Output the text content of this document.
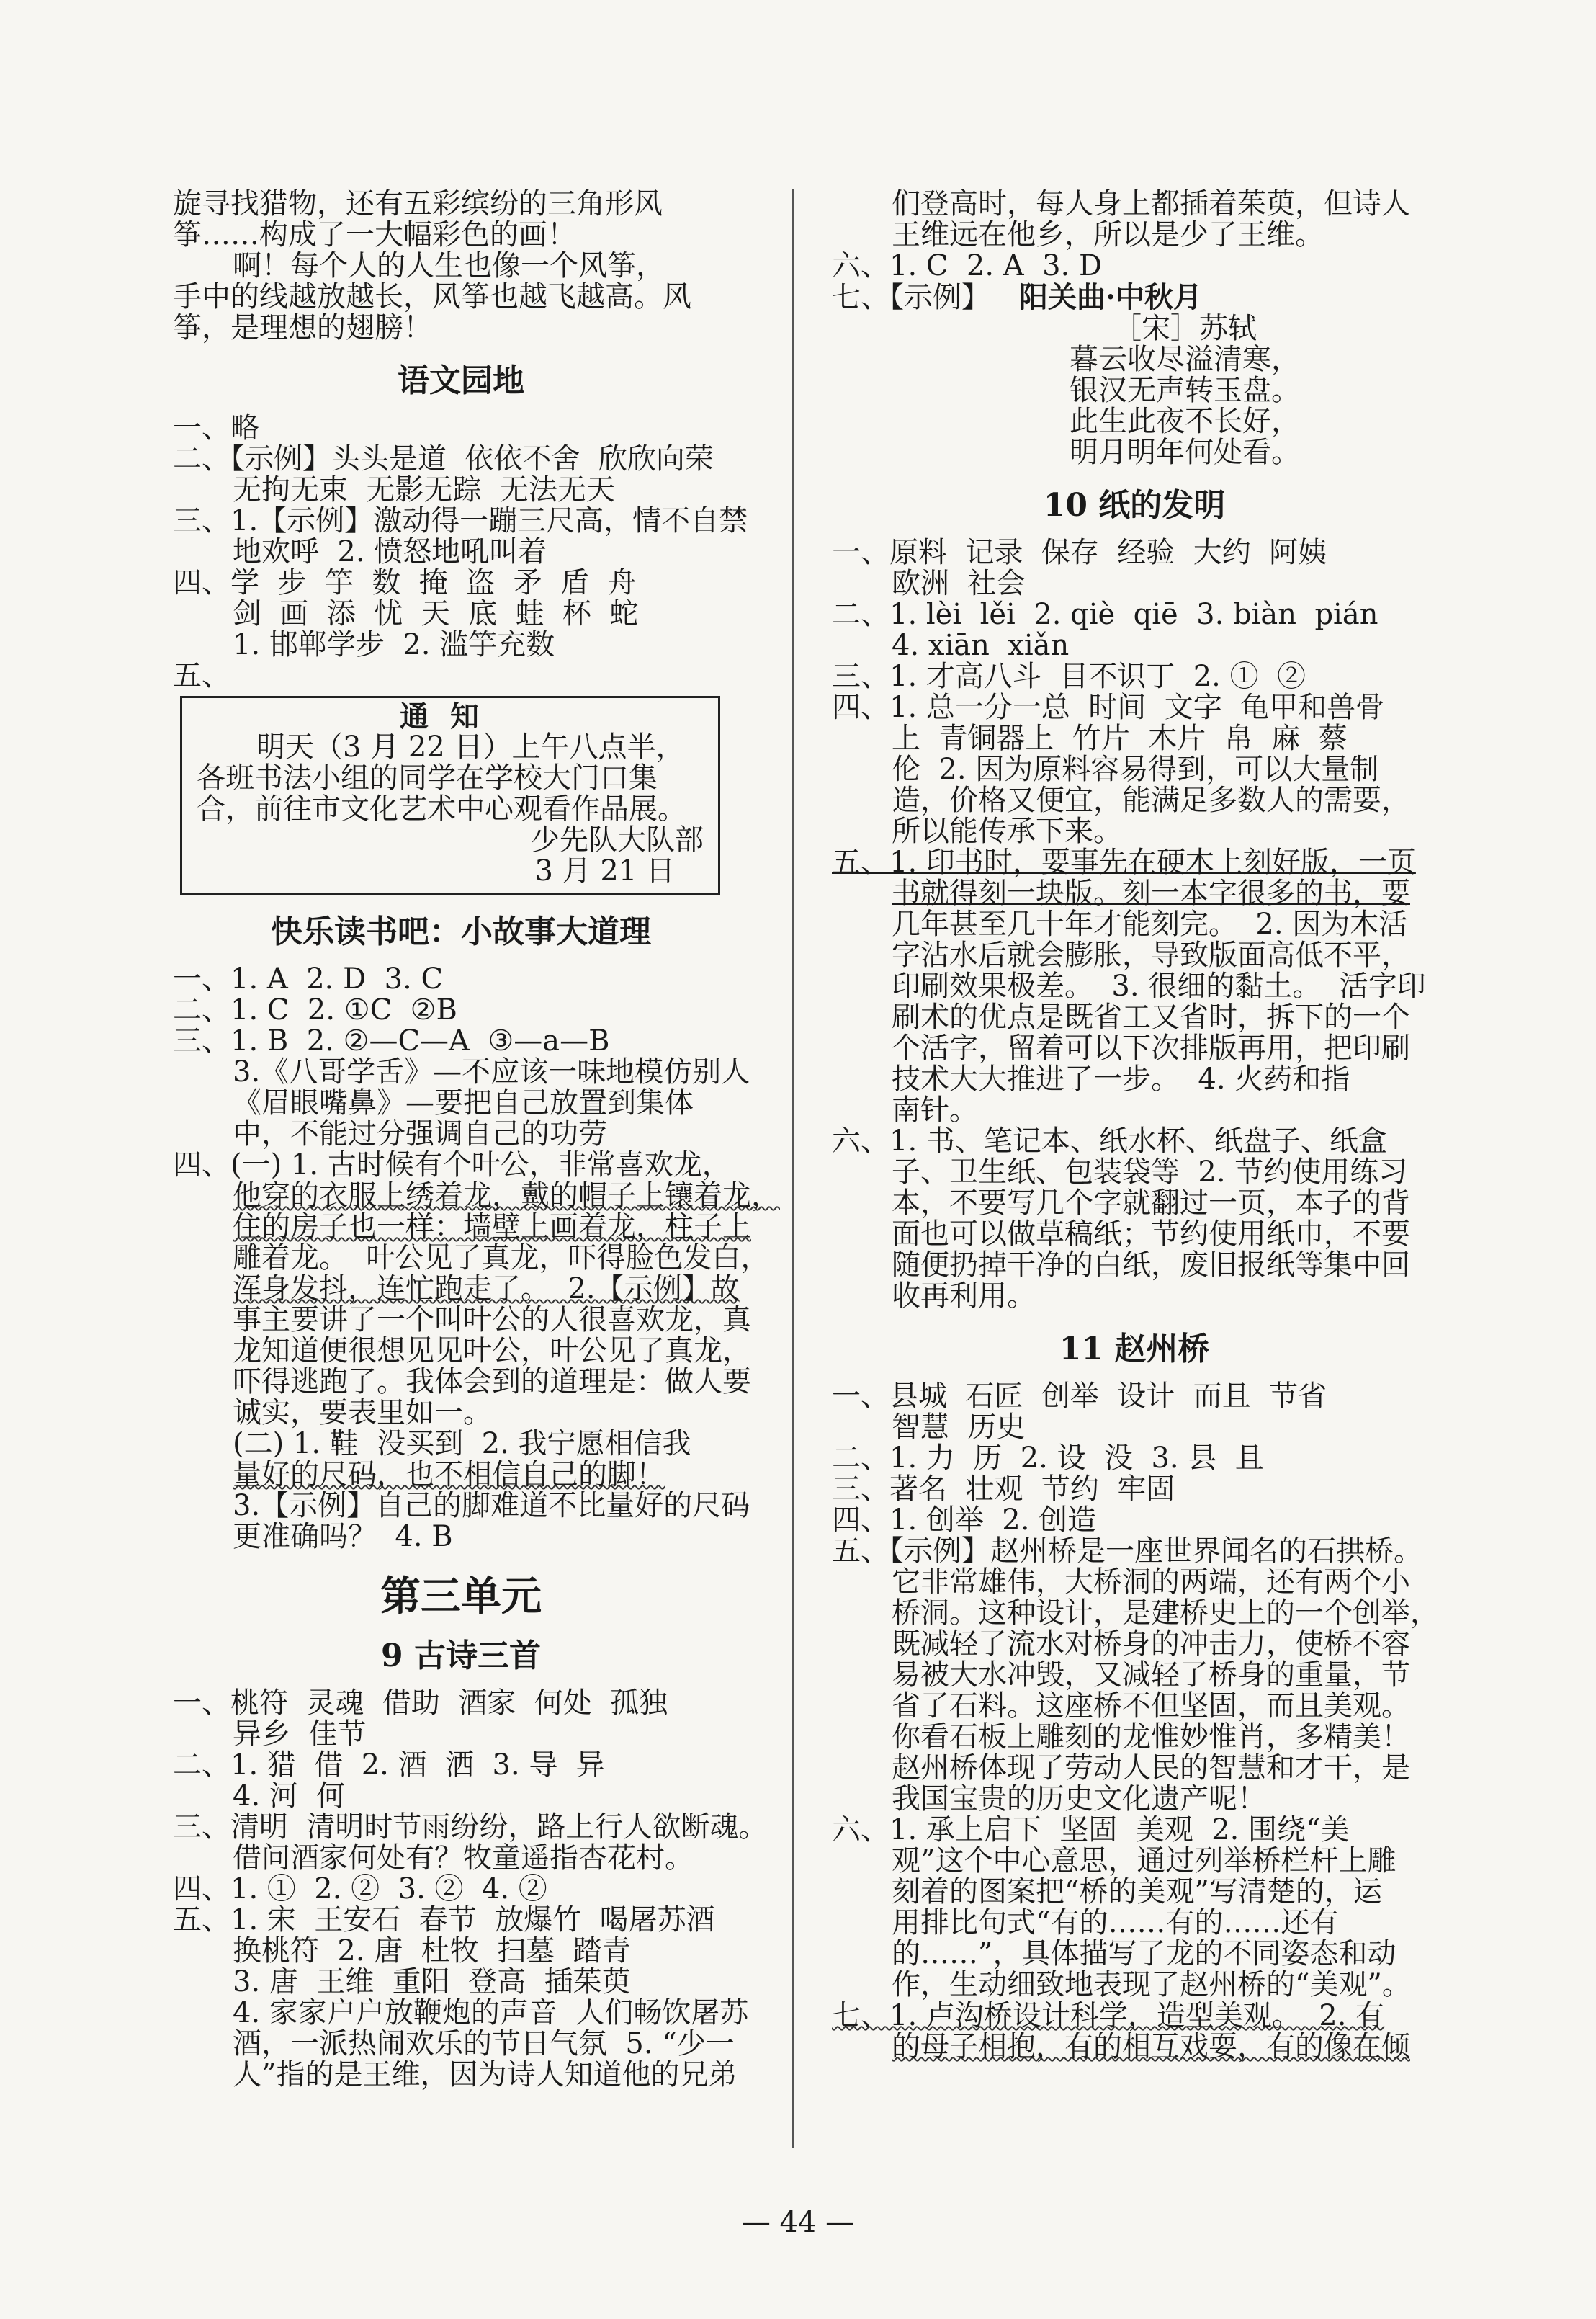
旋寻找猎物，还有五彩缤纷的三角形风

筝……构成了一大幅彩色的画！

啊！每个人的人生也像一个风筝，

手中的线越放越长，风筝也越飞越高。风

筝，是理想的翅膀！

语文园地

一、略

二、【示例】头头是道  依依不舍  欣欣向荣

无拘无束  无影无踪  无法无天

三、1.【示例】激动得一蹦三尺高，情不自禁

地欢呼  2. 愤怒地吼叫着

四、学  步  竽  数  掩  盗  矛  盾  舟

剑  画  添  忧  天  底  蛙  杯  蛇

1. 邯郸学步  2. 滥竽充数

五、

通知
明天（3 月 22 日）上午八点半，
各班书法小组的同学在学校大门口集
合，前往市文化艺术中心观看作品展。
少先队大队部
3 月 21 日
快乐读书吧：小故事大道理

一、1. A  2. D  3. C

二、1. C  2. ①C  ②B

三、1. B  2. ②—C—A  ③—a—B

3.《八哥学舌》—不应该一味地模仿别人

《眉眼嘴鼻》—要把自己放置到集体

中，不能过分强调自己的功劳

四、(一) 1. 古时候有个叶公，非常喜欢龙，

他穿的衣服上绣着龙，戴的帽子上镶着龙，

住的房子也一样：墙壁上画着龙，柱子上

雕着龙。  叶公见了真龙，吓得脸色发白，

浑身发抖，连忙跑走了。  2.【示例】故

事主要讲了一个叫叶公的人很喜欢龙，真

龙知道便很想见见叶公，叶公见了真龙，

吓得逃跑了。我体会到的道理是：做人要

诚实，要表里如一。

(二) 1. 鞋  没买到  2. 我宁愿相信我

量好的尺码，也不相信自己的脚！

3.【示例】自己的脚难道不比量好的尺码

更准确吗？  4. B

第三单元
9 古诗三首

一、桃符  灵魂  借助  酒家  何处  孤独

异乡  佳节

二、1. 猎  借  2. 酒  洒  3. 导  异

4. 河  何

三、清明  清明时节雨纷纷，路上行人欲断魂。

借问酒家何处有？牧童遥指杏花村。

四、1. ①  2. ②  3. ②  4. ②

五、1. 宋  王安石  春节  放爆竹  喝屠苏酒

换桃符  2. 唐  杜牧  扫墓  踏青

3. 唐  王维  重阳  登高  插茱萸

4. 家家户户放鞭炮的声音  人们畅饮屠苏

酒，一派热闹欢乐的节日气氛  5. “少一

人”指的是王维，因为诗人知道他的兄弟

们登高时，每人身上都插着茱萸，但诗人

王维远在他乡，所以是少了王维。

六、1. C  2. A  3. D

七、【示例】 阳关曲·中秋月

［宋］苏轼

暮云收尽溢清寒，

银汉无声转玉盘。

此生此夜不长好，

明月明年何处看。

10 纸的发明

一、原料  记录  保存  经验  大约  阿姨

欧洲  社会

二、1. lèi  lěi  2. qiè  qiē  3. biàn  pián

4. xiān  xiǎn

三、1. 才高八斗  目不识丁  2. ①  ②

四、1. 总一分一总  时间  文字  龟甲和兽骨

上  青铜器上  竹片  木片  帛  麻  蔡

伦  2. 因为原料容易得到，可以大量制

造，价格又便宜，能满足多数人的需要，

所以能传承下来。

五、1. 印书时，要事先在硬木上刻好版，一页

书就得刻一块版。刻一本字很多的书，要

几年甚至几十年才能刻完。  2. 因为木活

字沾水后就会膨胀，导致版面高低不平，

印刷效果极差。  3. 很细的黏土。  活字印

刷术的优点是既省工又省时，拆下的一个

个活字，留着可以下次排版再用，把印刷

技术大大推进了一步。  4. 火药和指

南针。

六、1. 书、笔记本、纸水杯、纸盘子、纸盒

子、卫生纸、包装袋等  2. 节约使用练习

本，不要写几个字就翻过一页，本子的背

面也可以做草稿纸；节约使用纸巾，不要

随便扔掉干净的白纸，废旧报纸等集中回

收再利用。

11 赵州桥

一、县城  石匠  创举  设计  而且  节省

智慧  历史

二、1. 力  历  2. 设  没  3. 县  且

三、著名  壮观  节约  牢固

四、1. 创举  2. 创造

五、【示例】赵州桥是一座世界闻名的石拱桥。

它非常雄伟，大桥洞的两端，还有两个小

桥洞。这种设计，是建桥史上的一个创举，

既减轻了流水对桥身的冲击力，使桥不容

易被大水冲毁，又减轻了桥身的重量，节

省了石料。这座桥不但坚固，而且美观。

你看石板上雕刻的龙惟妙惟肖，多精美！

赵州桥体现了劳动人民的智慧和才干，是

我国宝贵的历史文化遗产呢！

六、1. 承上启下  坚固  美观  2. 围绕“美

观”这个中心意思，通过列举桥栏杆上雕

刻着的图案把“桥的美观”写清楚的，运

用排比句式“有的……有的……还有

的……”，具体描写了龙的不同姿态和动

作，生动细致地表现了赵州桥的“美观”。

七、1. 卢沟桥设计科学，造型美观。  2. 有

的母子相抱，有的相互戏耍，有的像在倾

— 44 —
